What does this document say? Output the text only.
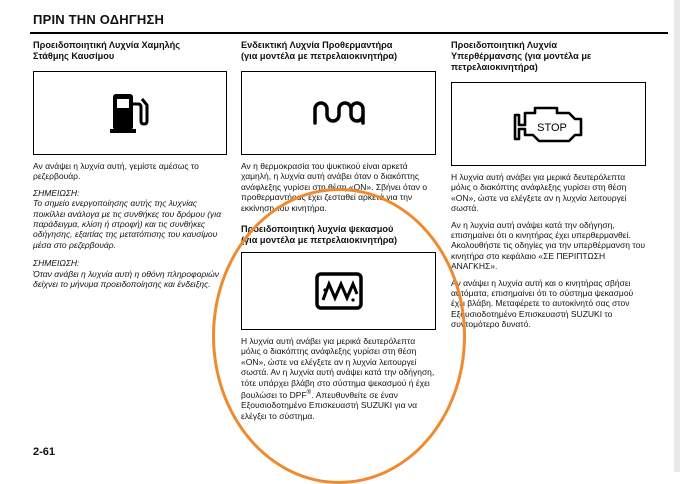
ΠΡΙΝ ΤΗΝ ΟΔΗΓΗΣΗ
Προειδοποιητική Λυχνία Χαμηλής
Στάθμης Καυσίμου

Αν ανάψει η λυχνία αυτή, γεμίστε αμέσως το ρεζερβουάρ.

ΣΗΜΕΙΩΣΗ:
Το σημείο ενεργοποίησης αυτής της λυχνίας ποικίλλει ανάλογα με τις συνθήκες του δρόμου (για παράδειγμα, κλίση ή στροφή) και τις συνθήκες οδήγησης, εξαιτίας της μετατόπισης του καυσίμου μέσα στο ρεζερβουάρ.
ΣΗΜΕΙΩΣΗ:
Όταν ανάβει η λυχνία αυτή η οθόνη πληροφοριών δείχνει το μήνυμα προειδοποίησης και ένδειξης.
Ενδεικτική Λυχνία Προθερμαντήρα
(για μοντέλα με πετρελαιοκινητήρα)

Αν η θερμοκρασία του ψυκτικού είναι αρκετά χαμηλή, η λυχνία αυτή ανάβει όταν ο διακόπτης ανάφλεξης γυρίσει στη θέση «ON». Σβήνει όταν ο προθερμαντήρας έχει ζεσταθεί αρκετά για την εκκίνηση του κινητήρα.

Προειδοποιητική λυχνία ψεκασμού
(για μοντέλα με πετρελαιοκινητήρα)

Η λυχνία αυτή ανάβει για μερικά δευτερόλεπτα μόλις ο διακόπτης ανάφλεξης γυρίσει στη θέση «ON», ώστε να ελέγξετε αν η λυχνία λειτουργεί σωστά. Αν η λυχνία αυτή ανάψει κατά την οδήγηση, τότε υπάρχει βλάβη στο σύστημα ψεκασμού ή έχει βουλώσει το DPF®. Απευθυνθείτε σε έναν Εξουσιοδοτημένο Επισκευαστή SUZUKI για να ελέγξει το σύστημα.

Προειδοποιητική Λυχνία
Υπερθέρμανσης (για μοντέλα με
πετρελαιοκινητήρα)
STOP

Η λυχνία αυτή ανάβει για μερικά δευτερόλεπτα μόλις ο διακόπτης ανάφλεξης γυρίσει στη θέση «ON», ώστε να ελέγξετε αν η λυχνία λειτουργεί σωστά.

Αν η λυχνία αυτή ανάψει κατά την οδήγηση, επισημαίνει ότι ο κινητήρας έχει υπερθερμανθεί. Ακολουθήστε τις οδηγίες για την υπερθέρμανση του κινητήρα στο κεφάλαιο «ΣΕ ΠΕΡΙΠΤΩΣΗ ΑΝΑΓΚΗΣ».

Αν ανάψει η λυχνία αυτή και ο κινητήρας σβήσει αυτόματα, επισημαίνει ότι το σύστημα ψεκασμού έχει βλάβη. Μεταφέρετε το αυτοκίνητό σας στον Εξουσιοδοτημένο Επισκευαστή SUZUKI το συντομότερο δυνατό.

2-61
